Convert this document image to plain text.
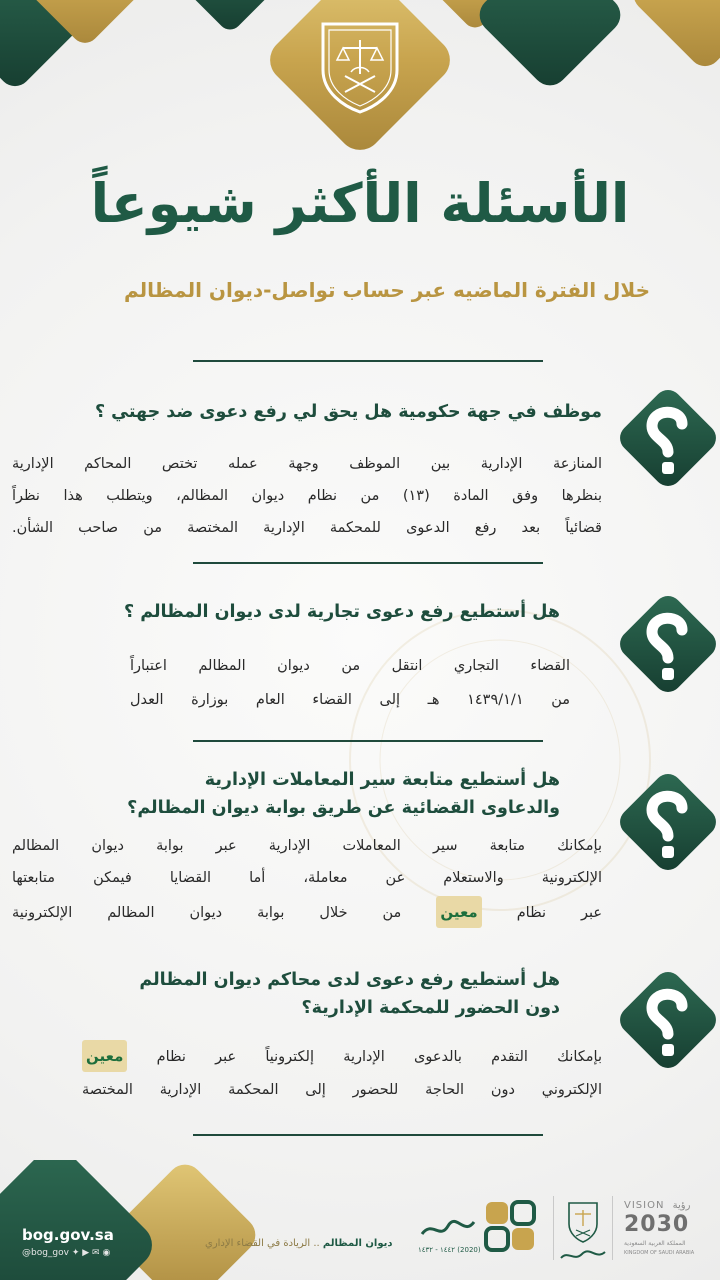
الأسئلة الأكثر شيوعاً
خلال الفترة الماضيه عبر حساب تواصل-ديوان المظالم
موظف في جهة حكومية هل يحق لي رفع دعوى ضد جهتي ؟
المنازعة الإدارية بين الموظف وجهة عمله تختص المحاكم الإدارية
بنظرها وفق المادة (١٣) من نظام ديوان المظالم، ويتطلب هذا نظراً
قضائياً بعد رفع الدعوى للمحكمة الإدارية المختصة من صاحب الشأن.
هل أستطيع رفع دعوى تجارية لدى ديوان المظالم ؟
القضاء التجاري انتقل من ديوان المظالم اعتباراً
من ١٤٣٩/١/١ هـ إلى القضاء العام بوزارة العدل
هل أستطيع متابعة سير المعاملات الإدارية
والدعاوى القضائية عن طريق بوابة ديوان المظالم؟
بإمكانك متابعة سير المعاملات الإدارية عبر بوابة ديوان المظالم
الإلكترونية والاستعلام عن معاملة، أما القضايا فيمكن متابعتها
عبر نظام معين من خلال بوابة ديوان المظالم الإلكترونية
هل أستطيع رفع دعوى لدى محاكم ديوان المظالم
دون الحضور للمحكمة الإدارية؟
بإمكانك التقدم بالدعوى الإدارية إلكترونياً عبر نظام معين
الإلكتروني دون الحاجة للحضور إلى المحكمة الإدارية المختصة
bog.gov.sa
@bog_gov ✦ ▶ ✉ ◉
ديوان المظالم .. الريادة في القضاء الإداري
(2020) ١٤٤٢ - ١٤٣٢
VISION رؤية
2030
المملكة العربية السعودية
KINGDOM OF SAUDI ARABIA
